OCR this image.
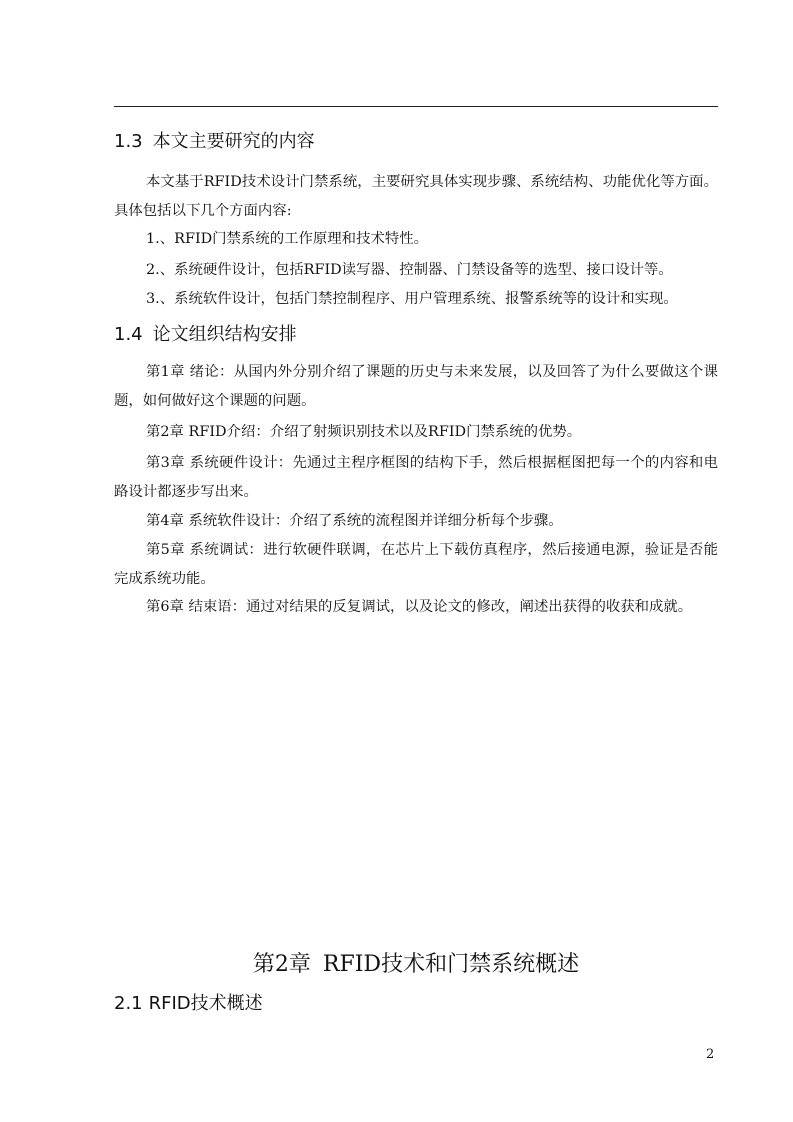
1.3 本文主要研究的内容

本文基于RFID技术设计门禁系统，主要研究具体实现步骤、系统结构、功能优化等方面。具体包括以下几个方面内容:

1.、RFID门禁系统的工作原理和技术特性。

2.、系统硬件设计，包括RFID读写器、控制器、门禁设备等的选型、接口设计等。

3.、系统软件设计，包括门禁控制程序、用户管理系统、报警系统等的设计和实现。

1.4 论文组织结构安排

第1章 绪论：从国内外分别介绍了课题的历史与未来发展，以及回答了为什么要做这个课题，如何做好这个课题的问题。

第2章 RFID介绍：介绍了射频识别技术以及RFID门禁系统的优势。

第3章 系统硬件设计：先通过主程序框图的结构下手，然后根据框图把每一个的内容和电路设计都逐步写出来。

第4章 系统软件设计：介绍了系统的流程图并详细分析每个步骤。

第5章 系统调试：进行软硬件联调，在芯片上下载仿真程序，然后接通电源，验证是否能完成系统功能。

第6章 结束语：通过对结果的反复调试，以及论文的修改，阐述出获得的收获和成就。

第2章 RFID技术和门禁系统概述
2.1 RFID技术概述
2
